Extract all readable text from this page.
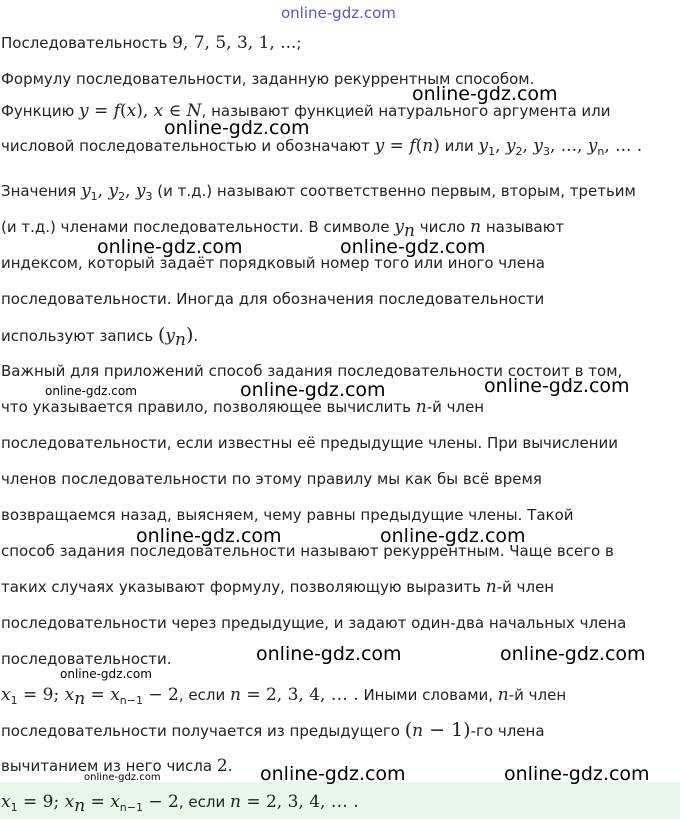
online-gdz.com
Последовательность 9, 7, 5, 3, 1, ...;
Формулу последовательности, заданную рекуррентным способом.
Функцию y = f(x), x ∈ N, называют функцией натурального аргумента или
числовой последовательностью и обозначают y = f(n) или $y_1$, $y_2$, $y_3$, ..., $y_n$, ... .
Значения $y_1$, $y_2$, $y_3$ (и т.д.) называют соответственно первым, вторым, третьим
(и т.д.) членами последовательности. В символе $y_n$ число n называют
индексом, который задаёт порядковый номер того или иного члена
последовательности. Иногда для обозначения последовательности
используют запись $(y_n)$.
Важный для приложений способ задания последовательности состоит в том,
что указывается правило, позволяющее вычислить n-й член
последовательности, если известны её предыдущие члены. При вычислении
членов последовательности по этому правилу мы как бы всё время
возвращаемся назад, выясняем, чему равны предыдущие члены. Такой
способ задания последовательности называют рекуррентным. Чаще всего в
таких случаях указывают формулу, позволяющую выразить n-й член
последовательности через предыдущие, и задают один-два начальных члена
последовательности.
$x_1 = 9$; $x_n = x_{n-1} - 2$, если n = 2, 3, 4, … . Иными словами, n-й член
последовательности получается из предыдущего (n − 1)-го члена
вычитанием из него числа 2.
$x_1 = 9$; $x_n = x_{n-1} - 2$, если n = 2, 3, 4, … .
online-gdz.com
online-gdz.com
online-gdz.com	online-gdz.com
online-gdz.com	online-gdz.com	online-gdz.com
online-gdz.com	online-gdz.com
online-gdz.com	online-gdz.com
online-gdz.com
online-gdz.com	online-gdz.com
online-gdz.com
